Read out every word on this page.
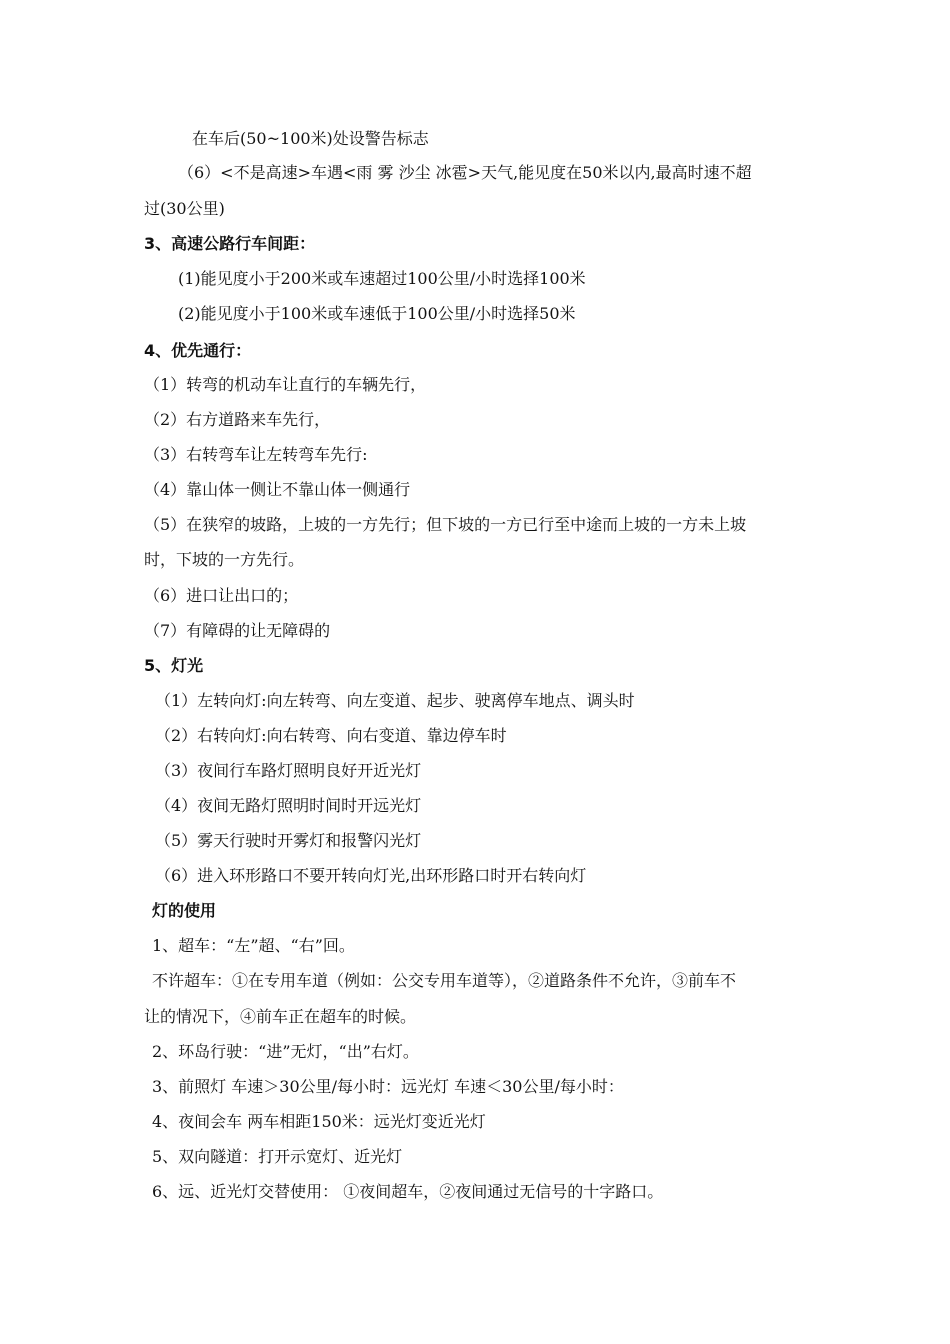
在车后(50~100米)处设警告标志
（6）<不是高速>车遇<雨 雾 沙尘 冰雹>天气,能见度在50米以内,最高时速不超
过(30公里)
3、高速公路行车间距：
(1)能见度小于200米或车速超过100公里/小时选择100米
(2)能见度小于100米或车速低于100公里/小时选择50米
4、优先通行：
（1）转弯的机动车让直行的车辆先行，
（2）右方道路来车先行，
（3）右转弯车让左转弯车先行:
（4）靠山体一侧让不靠山体一侧通行
（5）在狭窄的坡路，上坡的一方先行；但下坡的一方已行至中途而上坡的一方未上坡
时，下坡的一方先行。
（6）进口让出口的；
（7）有障碍的让无障碍的
5、灯光
（1）左转向灯:向左转弯、向左变道、起步、驶离停车地点、调头时
（2）右转向灯:向右转弯、向右变道、靠边停车时
（3）夜间行车路灯照明良好开近光灯
（4）夜间无路灯照明时间时开远光灯
（5）雾天行驶时开雾灯和报警闪光灯
（6）进入环形路口不要开转向灯光,出环形路口时开右转向灯
灯的使用
1、超车：“左”超、“右”回。
不许超车：①在专用车道（例如：公交专用车道等），②道路条件不允许，③前车不
让的情况下，④前车正在超车的时候。
2、环岛行驶：“进”无灯，“出”右灯。
3、前照灯 车速＞30公里/每小时：远光灯 车速＜30公里/每小时：
4、夜间会车 两车相距150米：远光灯变近光灯
5、双向隧道：打开示宽灯、近光灯
6、远、近光灯交替使用： ①夜间超车，②夜间通过无信号的十字路口。
